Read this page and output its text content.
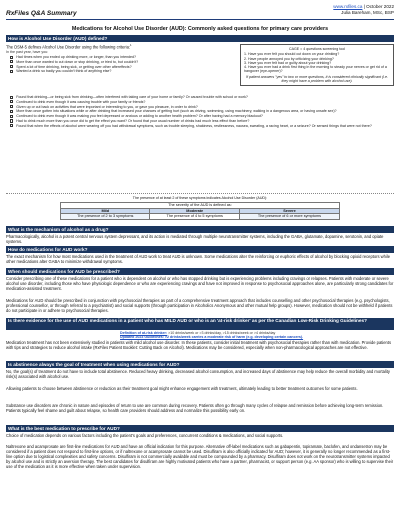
RxFiles Q&A Summary
www.rxfiles.ca | October 2022
Julia Bareham, MSc, BSP
Medications for Alcohol Use Disorder (AUD): Commonly asked questions for primary care providers
How is Alcohol Use Disorder (AUD) defined?
The DSM-5 defines Alcohol Use Disorder using the following criteria:$^1$
In the past year, have you:
Had times when you ended up drinking more, or longer, than you intended?
More than once wanted to cut down or stop drinking, or tried to, but couldn't?
Spent a lot of time drinking, being sick, or getting over other aftereffects?
Wanted a drink so badly you couldn't think of anything else?
CAGE = 4 questions screening tool
1. Have you ever felt you should cut down on your drinking?
2. Have people annoyed you by criticizing your drinking?
3. Have you ever felt bad or guilty about your drinking?
4. Have you ever had a drink first thing in the morning to steady your nerves or get rid of a hangover (eye-opener)?
If patient answers "yes" to two or more questions, it is considered clinically significant (i.e. they might have a problem with alcohol use).
Found that drinking—or being sick from drinking—often interfered with taking care of your home or family? Or caused trouble with school or work?
Continued to drink even though it was causing trouble with your family or friends?
Given up or cut back on activities that were important or interesting to you, or gave you pleasure, in order to drink?
More than once gotten into situations while or after drinking that increased your chances of getting hurt (such as driving, swimming, using machinery, walking in a dangerous area, or having unsafe sex)?
Continued to drink even though it was making you feel depressed or anxious or adding to another health problem? Or after having had a memory blackout?
Had to drink much more than you once did to get the effect you want? Or found that your usual number of drinks had much less effect than before?
Found that when the effects of alcohol were wearing off you had withdrawal symptoms, such as trouble sleeping, shakiness, restlessness, nausea, sweating, a racing heart, or a seizure? Or sensed things that were not there?
The presence of at least 2 of these symptoms indicates Alcohol Use Disorder (AUD):
The severity of the AUD is defined as:		
Mild	Moderate	Severe
The presence of 2 to 3 symptoms	The presence of 4 to 5 symptoms	The presence of 6 or more symptoms
What is the mechanism of alcohol as a drug?
Pharmacologically, alcohol is a potent central nervous system depressant, and its action is mediated through multiple neurotransmitter systems, including the GABA, glutamate, dopamine, serotonin, and opiate systems.
How do medications for AUD work?
The exact mechanism for how most medications used in the treatment of AUD work to treat AUD is unknown. Some medications alter the reinforcing or euphoric effects of alcohol by blocking opioid receptors while other medications alter GABA to minimize withdrawal symptoms.
When should medications for AUD be prescribed?
Consider prescribing one of these medications for a patient who is dependent on alcohol or who has stopped drinking but is experiencing problems including cravings or relapses. Patients with moderate or severe alcohol use disorder, including those who have physiologic dependence or who are experiencing cravings and have not improved in response to psychosocial approaches alone, are particularly strong candidates for medication-assisted treatment.
Medications for AUD should be prescribed in conjunction with psychosocial therapies as part of a comprehensive treatment approach that includes counselling and other psychosocial therapies (e.g. psychologists, professional counsellor, or through referral to a psychiatrist) and social supports (through participation in Alcoholics Anonymous and other mutual help groups). However, medication should not be withheld if patients do not participate in or adhere to psychosocial therapies.
Is there evidence for the use of AUD medications in a patient who has MILD AUD or who is an 'at-risk drinker' as per the Canadian Low-Risk Drinking Guidelines?
Definition of at-risk drinker: >10 drinks/week or >3 drinks/day, >15 drinks/week or >4 drinks/day
Updated 2023 Guidelines: >2 drinks/week carries a moderate risk of harm (e.g. developing certain cancers).
Medication treatment has not been extensively studied in patients with mild alcohol use disorder. In these patients, consider initial treatment with psychosocial therapies rather than with medication. Provide patients with tips and strategies to reduce alcohol intake (RxFiles Patient Booklet: Cutting Back on Alcohol). Medications may be considered, especially when non-pharmacological approaches are not effective.
Is abstinence always the goal of treatment when using medications for AUD?
No, the goal(s) of treatment do not have to include total abstinence. Reduced heavy drinking, decreased alcohol consumption, and increased days of abstinence may help reduce the overall morbidity and mortality risk(s) associated with alcohol use.
Allowing patients to choose between abstinence or reduction as their treatment goal might enhance engagement with treatment, ultimately leading to better treatment outcomes for some patients.
Substance use disorders are chronic in nature and episodes of return to use are common during recovery. Patients often go through many cycles of relapse and remission before achieving long-term remission. Patients typically feel shame and guilt about relapse, so health care providers should address and normalize this possibility early on.
What is the best medication to prescribe for AUD?
Choice of medication depends on various factors including the patient's goals and preferences, concurrent conditions & medications, and social supports.
Naltrexone and acamprosate are first-line medications for AUD and have an official indication for this purpose. Alternative off-label medications such as gabapentin, topiramate, baclofen, and ondansetron may be considered if a patient does not respond to first-line options, or if naltrexone or acamprosate cannot be used. Disulfiram is also officially indicated for AUD; however, it is generally no longer recommended as a first-line option due to logistical complexities and safety concerns. Disulfiram is not commercially available and must be compounded by a pharmacy. Disulfiram does not work on the neurotransmitter systems impacted by alcohol use and is strictly an aversion therapy. The best candidates for disulfiram are highly motivated patients who have a partner, pharmacist, or support person (e.g. AA sponsor) who is willing to supervise their use of the medication as it is more effective when taken under supervision.
